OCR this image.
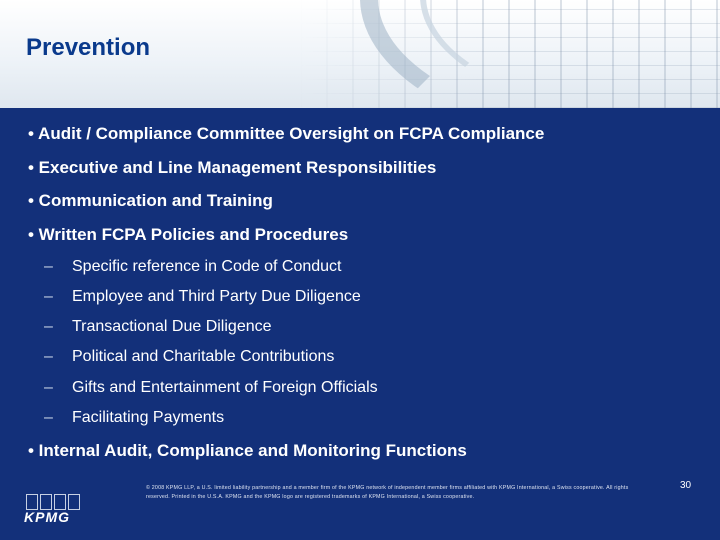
Prevention
• Audit / Compliance Committee Oversight on FCPA Compliance
• Executive and Line Management Responsibilities
• Communication and Training
• Written FCPA Policies and Procedures
– Specific reference in Code of Conduct
– Employee and Third Party Due Diligence
– Transactional Due Diligence
– Political and Charitable Contributions
– Gifts and Entertainment of Foreign Officials
– Facilitating Payments
• Internal Audit, Compliance and Monitoring Functions
KPMG
© 2008 KPMG LLP, a U.S. limited liability partnership and a member firm of the KPMG network of independent member firms affiliated with KPMG International, a Swiss cooperative. All rights reserved. Printed in the U.S.A. KPMG and the KPMG logo are registered trademarks of KPMG International, a Swiss cooperative.
30
